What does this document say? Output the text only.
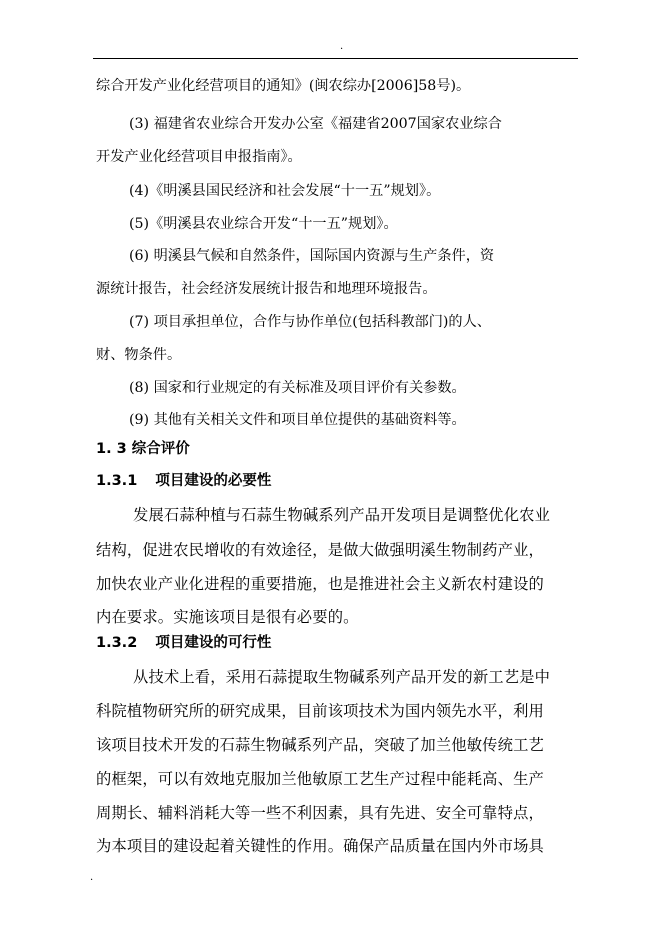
.
综合开发产业化经营项目的通知》(闽农综办[2006]58号)。
(3) 福建省农业综合开发办公室《福建省2007国家农业综合
开发产业化经营项目申报指南》。
(4)《明溪县国民经济和社会发展“十一五”规划》。
(5)《明溪县农业综合开发“十一五”规划》。
(6) 明溪县气候和自然条件，国际国内资源与生产条件，资
源统计报告，社会经济发展统计报告和地理环境报告。
(7) 项目承担单位，合作与协作单位(包括科教部门)的人、
财、物条件。
(8) 国家和行业规定的有关标准及项目评价有关参数。
(9) 其他有关相关文件和项目单位提供的基础资料等。
1. 3 综合评价
1.3.1 项目建设的必要性
发展石蒜种植与石蒜生物碱系列产品开发项目是调整优化农业
结构，促进农民增收的有效途径，是做大做强明溪生物制药产业，
加快农业产业化进程的重要措施，也是推进社会主义新农村建设的
内在要求。实施该项目是很有必要的。
1.3.2 项目建设的可行性
从技术上看，采用石蒜提取生物碱系列产品开发的新工艺是中
科院植物研究所的研究成果，目前该项技术为国内领先水平，利用
该项目技术开发的石蒜生物碱系列产品，突破了加兰他敏传统工艺
的框架，可以有效地克服加兰他敏原工艺生产过程中能耗高、生产
周期长、辅料消耗大等一些不利因素，具有先进、安全可靠特点，
为本项目的建设起着关键性的作用。确保产品质量在国内外市场具
.
